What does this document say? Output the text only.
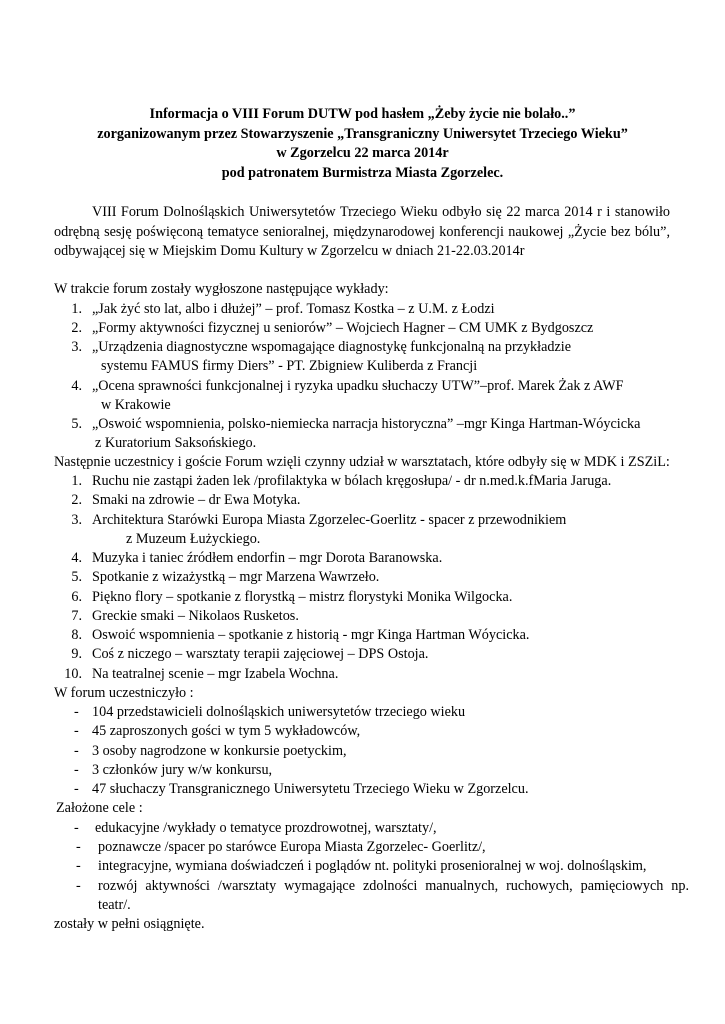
Informacja o VIII Forum DUTW pod hasłem „Żeby życie nie bolało..”
zorganizowanym przez Stowarzyszenie „Transgraniczny Uniwersytet Trzeciego Wieku”
w Zgorzelcu 22 marca 2014r
pod patronatem Burmistrza Miasta Zgorzelec.
VIII Forum Dolnośląskich Uniwersytetów Trzeciego Wieku odbyło się 22 marca 2014 r i stanowiło
odrębną sesję poświęconą tematyce senioralnej, międzynarodowej konferencji naukowej „Życie bez bólu”,
odbywającej się w Miejskim Domu Kultury w Zgorzelcu w dniach 21-22.03.2014r
W trakcie forum zostały wygłoszone następujące wykłady:
1. „Jak żyć sto lat, albo i dłużej” – prof. Tomasz Kostka – z U.M. z Łodzi
2. „Formy aktywności fizycznej u seniorów” – Wojciech Hagner – CM UMK z Bydgoszcz
3. „Urządzenia diagnostyczne wspomagające diagnostykę funkcjonalną na przykładzie
systemu FAMUS firmy Diers” - PT. Zbigniew Kuliberda z Francji
4. „Ocena sprawności funkcjonalnej i ryzyka upadku słuchaczy UTW”–prof. Marek Żak z AWF
w Krakowie
5. „Oswoić wspomnienia, polsko-niemiecka narracja historyczna” –mgr Kinga Hartman-Wóycicka
z Kuratorium Saksońskiego.
Następnie uczestnicy i goście Forum wzięli czynny udział w warsztatach, które odbyły się w MDK i ZSZiL:
1. Ruchu nie zastąpi żaden lek /profilaktyka w bólach kręgosłupa/ - dr n.med.k.fMaria Jaruga.
2. Smaki na zdrowie – dr Ewa Motyka.
3. Architektura Starówki Europa Miasta Zgorzelec-Goerlitz - spacer z przewodnikiem
z Muzeum Łużyckiego.
4. Muzyka i taniec źródłem endorfin – mgr Dorota Baranowska.
5. Spotkanie z wizażystką – mgr Marzena Wawrzeło.
6. Piękno flory – spotkanie z florystką – mistrz florystyki Monika Wilgocka.
7. Greckie smaki – Nikolaos Rusketos.
8. Oswoić wspomnienia – spotkanie z historią - mgr Kinga Hartman Wóycicka.
9. Coś z niczego – warsztaty terapii zajęciowej – DPS Ostoja.
10. Na teatralnej scenie – mgr Izabela Wochna.
W forum uczestniczyło :
- 104 przedstawicieli dolnośląskich uniwersytetów trzeciego wieku
- 45 zaproszonych gości w tym 5 wykładowców,
- 3 osoby nagrodzone w konkursie poetyckim,
- 3 członków jury w/w konkursu,
- 47 słuchaczy Transgranicznego Uniwersytetu Trzeciego Wieku w Zgorzelcu.
Założone cele :
- edukacyjne /wykłady o tematyce prozdrowotnej, warsztaty/,
- poznawcze /spacer po starówce Europa Miasta Zgorzelec- Goerlitz/,
- integracyjne, wymiana doświadczeń i poglądów nt. polityki prosenioralnej w woj. dolnośląskim,
- rozwój aktywności /warsztaty wymagające zdolności manualnych, ruchowych, pamięciowych np.
teatr/.
zostały w pełni osiągnięte.
